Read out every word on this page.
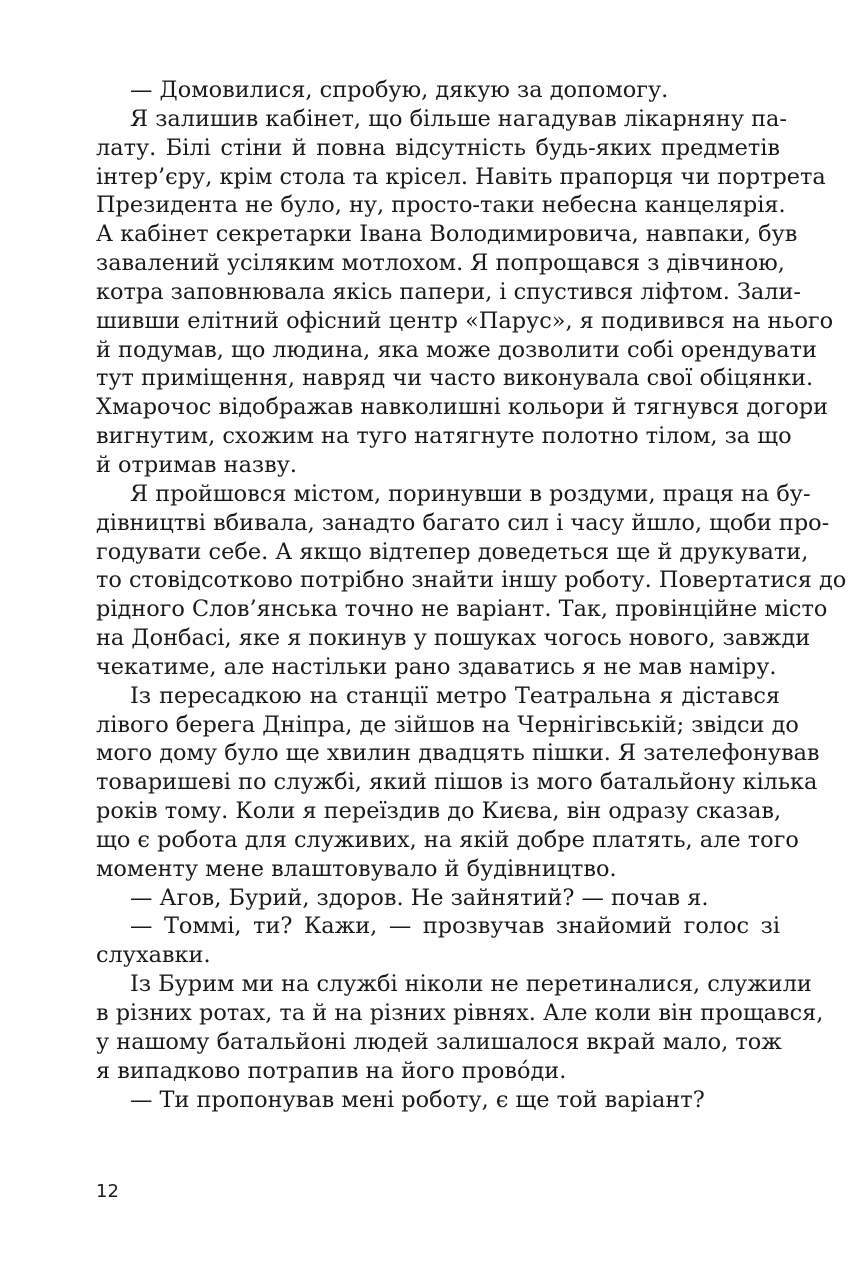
— Домовилися, спробую, дякую за допомогу.
Я залишив кабінет, що більше нагадував лікарняну па-
лату. Білі стіни й повна відсутність будь-яких предметів
інтер’єру, крім стола та крісел. Навіть прапорця чи портрета
Президента не було, ну, просто-таки небесна канцелярія.
А кабінет секретарки Івана Володимировича, навпаки, був
завалений усіляким мотлохом. Я попрощався з дівчиною,
котра заповнювала якісь папери, і спустився ліфтом. Зали-
шивши елітний офісний центр «Парус», я подивився на нього
й подумав, що людина, яка може дозволити собі орендувати
тут приміщення, навряд чи часто виконувала свої обіцянки.
Хмарочос відображав навколишні кольори й тягнувся догори
вигнутим, схожим на туго натягнуте полотно тілом, за що
й отримав назву.
Я пройшовся містом, поринувши в роздуми, праця на бу-
дівництві вбивала, занадто багато сил і часу йшло, щоби про-
годувати себе. А якщо відтепер доведеться ще й друкувати,
то стовідсотково потрібно знайти іншу роботу. Повертатися до
рідного Слов’янська точно не варіант. Так, провінційне місто
на Донбасі, яке я покинув у пошуках чогось нового, завжди
чекатиме, але настільки рано здаватись я не мав наміру.
Із пересадкою на станції метро Театральна я дістався
лівого берега Дніпра, де зійшов на Чернігівській; звідси до
мого дому було ще хвилин двадцять пішки. Я зателефонував
товаришеві по службі, який пішов із мого батальйону кілька
років тому. Коли я переїздив до Києва, він одразу сказав,
що є робота для служивих, на якій добре платять, але того
моменту мене влаштовувало й будівництво.
— Агов, Бурий, здоров. Не зайнятий? — почав я.
— Томмі, ти? Кажи, — прозвучав знайомий голос зі
слухавки.
Із Бурим ми на службі ніколи не перетиналися, служили
в різних ротах, та й на різних рівнях. Але коли він прощався,
у нашому батальйоні людей залишалося вкрай мало, тож
я випадково потрапив на його прово́ди.
— Ти пропонував мені роботу, є ще той варіант?
12
